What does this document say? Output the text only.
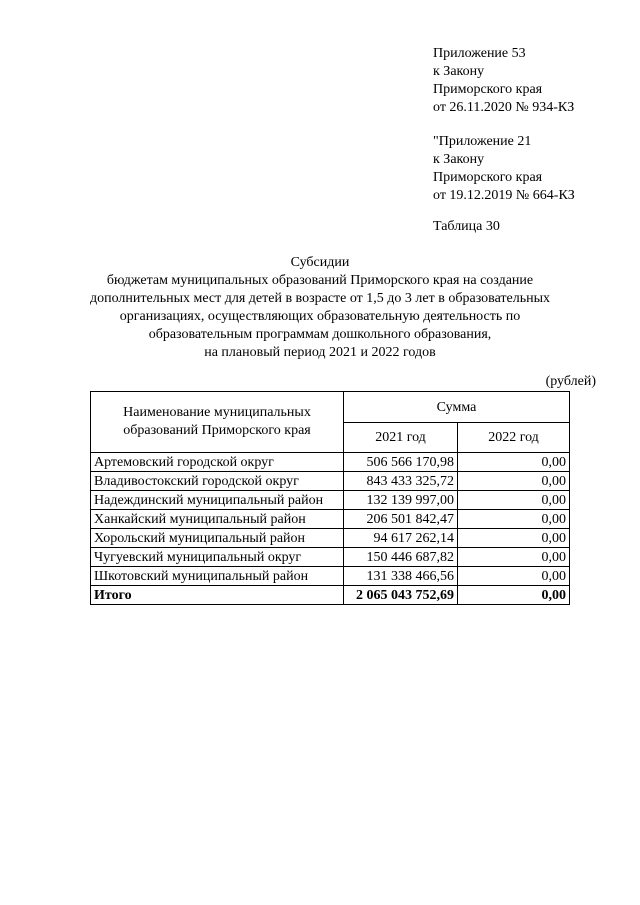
Приложение 53
к Закону
Приморского края
от 26.11.2020 № 934-КЗ
"Приложение 21
к Закону
Приморского края
от 19.12.2019 № 664-КЗ
Таблица 30
Субсидии
бюджетам муниципальных образований Приморского края на создание
дополнительных мест для детей в возрасте от 1,5 до 3 лет в образовательных
организациях, осуществляющих образовательную деятельность по
образовательным программам дошкольного образования,
на плановый период 2021 и 2022 годов
(рублей)
Наименование муниципальных
образований Приморского края	Сумма	
	2021 год	2022 год
Артемовский городской округ	506 566 170,98	0,00
Владивостокский городской округ	843 433 325,72	0,00
Надеждинский муниципальный район	132 139 997,00	0,00
Ханкайский муниципальный район	206 501 842,47	0,00
Хорольский муниципальный район	94 617 262,14	0,00
Чугуевский муниципальный округ	150 446 687,82	0,00
Шкотовский муниципальный район	131 338 466,56	0,00
Итого	2 065 043 752,69	0,00
